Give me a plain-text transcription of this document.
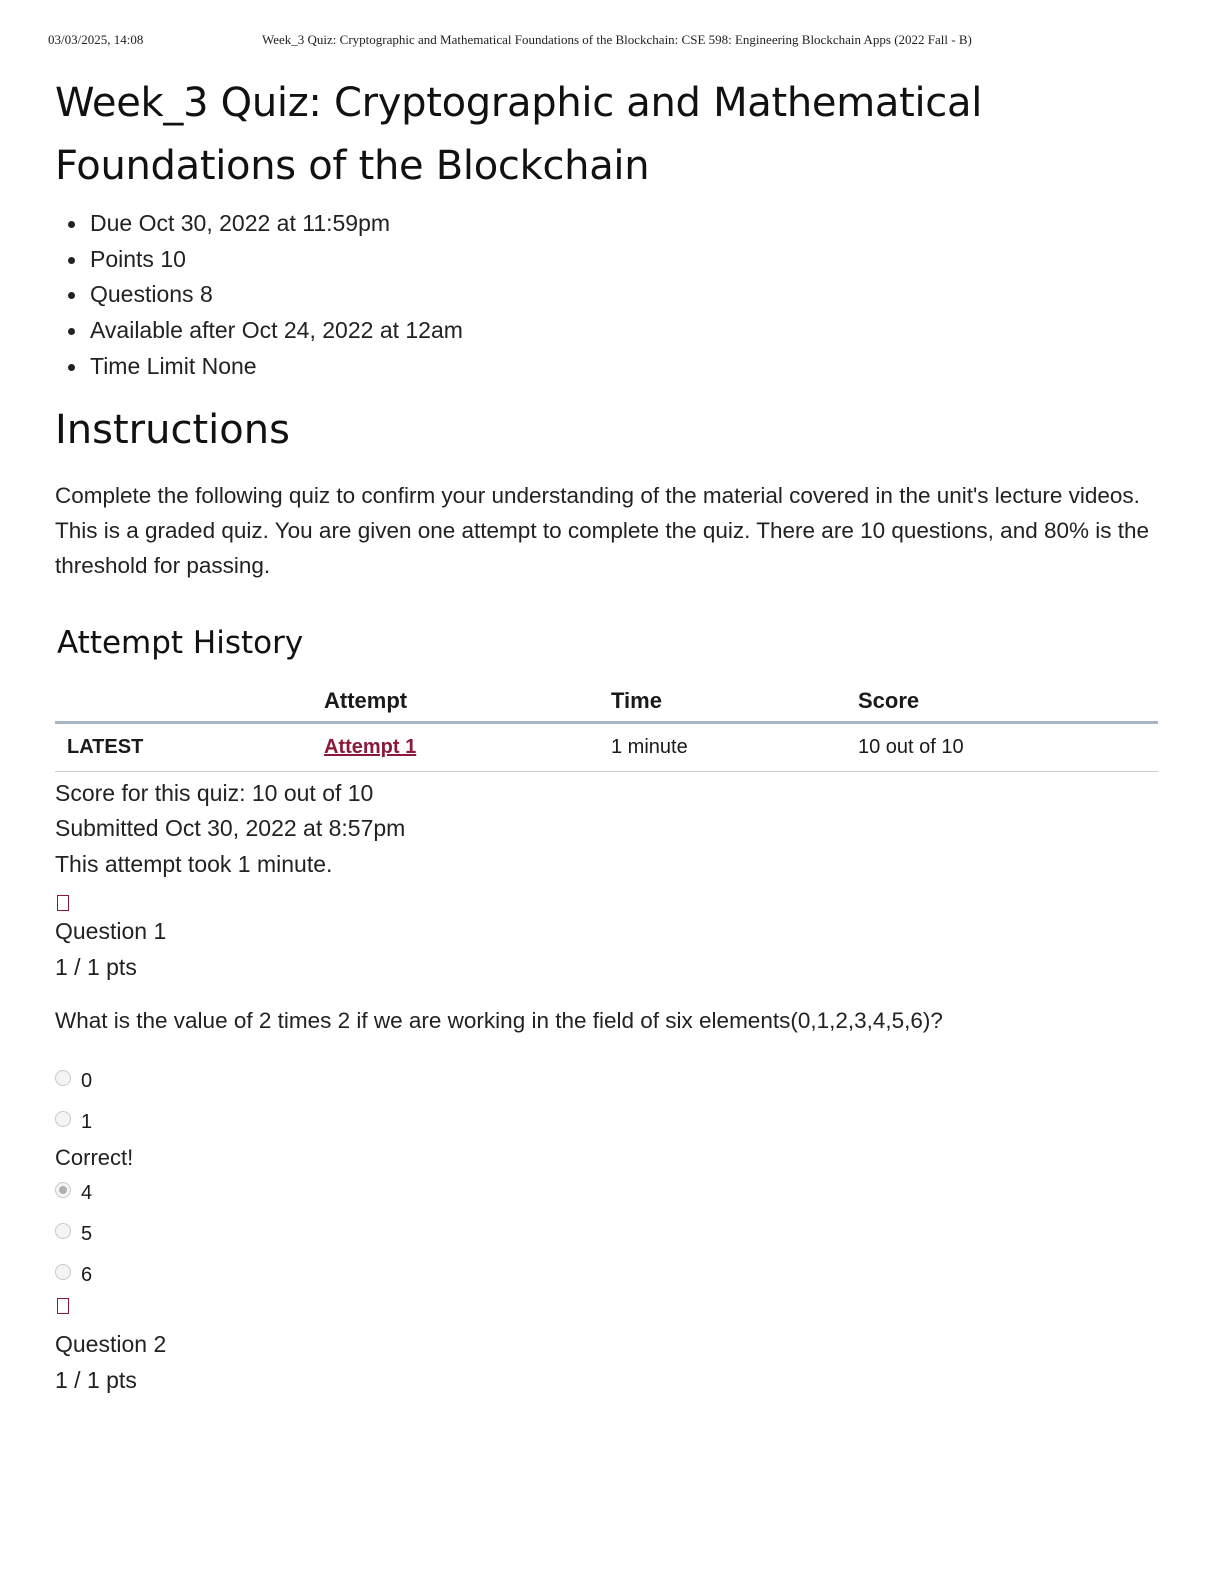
03/03/2025, 14:08	Week_3 Quiz: Cryptographic and Mathematical Foundations of the Blockchain: CSE 598: Engineering Blockchain Apps (2022 Fall - B)
Week_3 Quiz: Cryptographic and Mathematical
Foundations of the Blockchain
Due Oct 30, 2022 at 11:59pm
Points 10
Questions 8
Available after Oct 24, 2022 at 12am
Time Limit None
Instructions

Complete the following quiz to confirm your understanding of the material covered in the unit's lecture videos. This is a graded quiz. You are given one attempt to complete the quiz. There are 10 questions, and 80% is the threshold for passing.

Attempt History
	Attempt	Time	Score
LATEST	Attempt 1	1 minute	10 out of 10
Score for this quiz: 10 out of 10
Submitted Oct 30, 2022 at 8:57pm
This attempt took 1 minute.
Question 1
1 / 1 pts

What is the value of 2 times 2 if we are working in the field of six elements(0,1,2,3,4,5,6)?

0
1
Correct!
4
5
6
Question 2
1 / 1 pts
